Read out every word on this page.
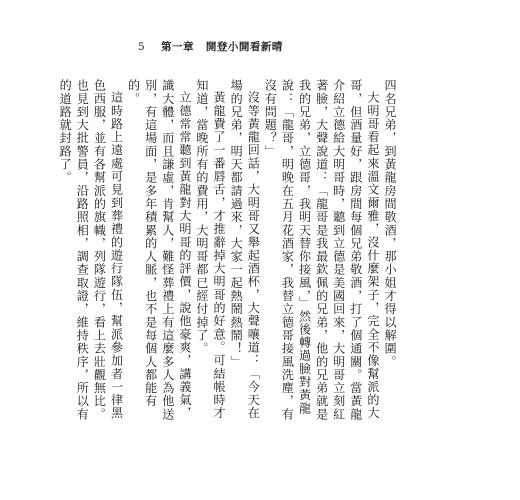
5 第一章 開登小開看新晴

四名兄弟，到黃龍房間敬酒，那小姐才得以解圍。

大明哥看起來溫文爾雅，沒什麼架子，完全不像幫派的大哥，但酒量好，跟房間每個兄弟敬酒，打了個通關。當黃龍介紹立德給大明哥時，聽到立德是美國回來，大明哥立刻紅著臉，大聲說道：「龍哥是我最欽佩的兄弟，他的兄弟就是我的兄弟，立德哥，我明天替你接風，」然後轉過臉對黃龍說：「龍哥，明晚在五月花酒家，我替立德哥接風洗塵，有沒有問題？」

沒等黃龍回話，大明哥又舉起酒杯，大聲嚷道：「今天在場的兄弟，明天都請過來，大家一起熱鬧熱鬧！」

黃龍費了一番唇舌，才推辭掉大明哥的好意。可結帳時才知道，當晚所有的費用，大明哥都已經付掉了。

立德常常聽到黃龍對大明哥的評價，說他豪爽，講義氣，識大體，而且謙虛，肯幫人，難怪葬禮上有這麼多人為他送別，有這場面，是多年積累的人脈，也不是每個人都能有的。

這時路上遠處可見到葬禮的遊行隊伍，幫派參加者一律黑色西服，並有各幫派的旗幟，列隊遊行，看上去壯觀無比。也見到大批警員，沿路照相，調查取證，維持秩序，所以有的道路就封路了。
